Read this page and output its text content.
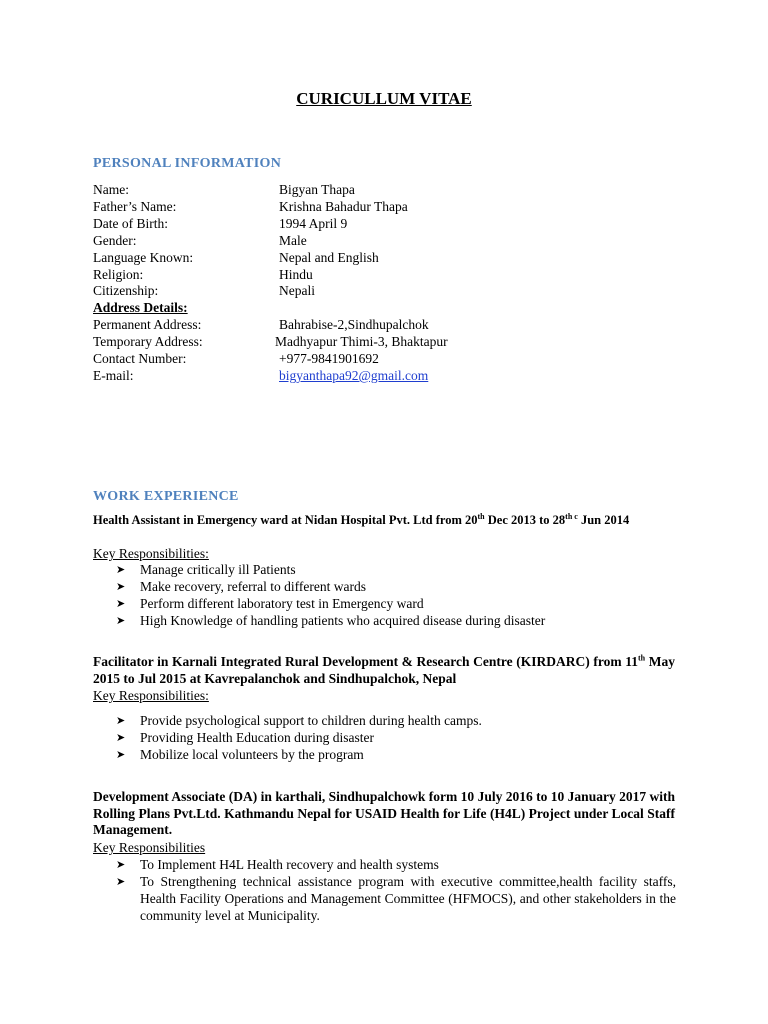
CURICULLUM VITAE
PERSONAL INFORMATION
Name:	Bigyan Thapa
Father’s Name:	Krishna Bahadur Thapa
Date of Birth:	1994 April 9
Gender:	Male
Language Known:	Nepal and English
Religion:	Hindu
Citizenship:	Nepali
Address Details:
Permanent Address:	Bahrabise-2,Sindhupalchok
Temporary Address:	Madhyapur Thimi-3, Bhaktapur
Contact Number:	+977-9841901692
E-mail:	bigyanthapa92@gmail.com
WORK EXPERIENCE
Health Assistant in Emergency ward at Nidan Hospital Pvt. Ltd from 20th Dec 2013 to $28^{th c}$ Jun 2014
Key Responsibilities:
➤ Manage critically ill Patients
➤ Make recovery, referral to different wards
➤ Perform different laboratory test in Emergency ward
➤ High Knowledge of handling patients who acquired disease during disaster
Facilitator in Karnali Integrated Rural Development & Research Centre (KIRDARC) from 11th May 2015 to Jul 2015 at Kavrepalanchok and Sindhupalchok, Nepal
Key Responsibilities:
➤ Provide psychological support to children during health camps.
➤ Providing Health Education during disaster
➤ Mobilize local volunteers by the program
Development Associate (DA) in karthali, Sindhupalchowk form 10 July 2016 to 10 January 2017 with Rolling Plans Pvt.Ltd. Kathmandu Nepal for USAID Health for Life (H4L) Project under Local Staff Management.
Key Responsibilities
➤ To Implement H4L Health recovery and health systems
➤ To Strengthening technical assistance program with executive committee,health facility staffs, Health Facility Operations and Management Committee (HFMOCS), and other stakeholders in the community level at Municipality.
